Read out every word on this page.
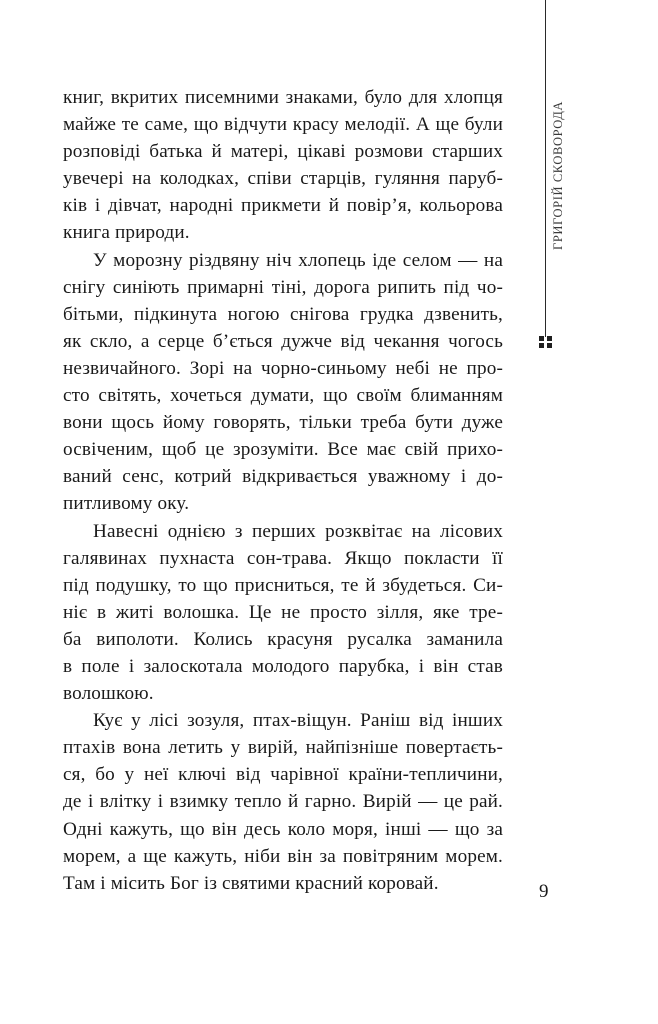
ГРИГОРІЙ СКОВОРОДА
книг, вкритих писемними знаками, було для хлопця
майже те саме, що відчути красу мелодії. А ще були
розповіді батька й матері, цікаві розмови старших
увечері на колодках, співи старців, гуляння паруб-
ків і дівчат, народні прикмети й повір’я, кольорова
книга природи.
У морозну різдвяну ніч хлопець іде селом — на
снігу синіють примарні тіні, дорога рипить під чо-
бітьми, підкинута ногою снігова грудка дзвенить,
як скло, а серце б’ється дужче від чекання чогось
незвичайного. Зорі на чорно-синьому небі не про-
сто світять, хочеться думати, що своїм блиманням
вони щось йому говорять, тільки треба бути дуже
освіченим, щоб це зрозуміти. Все має свій прихо-
ваний сенс, котрий відкривається уважному і до-
питливому оку.
Навесні однією з перших розквітає на лісових
галявинах пухнаста сон-трава. Якщо покласти її
під подушку, то що присниться, те й збудеться. Си-
ніє в житі волошка. Це не просто зілля, яке тре-
ба виполоти. Колись красуня русалка заманила
в поле і залоскотала молодого парубка, і він став
волошкою.
Кує у лісі зозуля, птах-віщун. Раніш від інших
птахів вона летить у вирій, найпізніше повертаєть-
ся, бо у неї ключі від чарівної країни-тепличини,
де і влітку і взимку тепло й гарно. Вирій — це рай.
Одні кажуть, що він десь коло моря, інші — що за
морем, а ще кажуть, ніби він за повітряним морем.
Там і місить Бог із святими красний коровай.	9
